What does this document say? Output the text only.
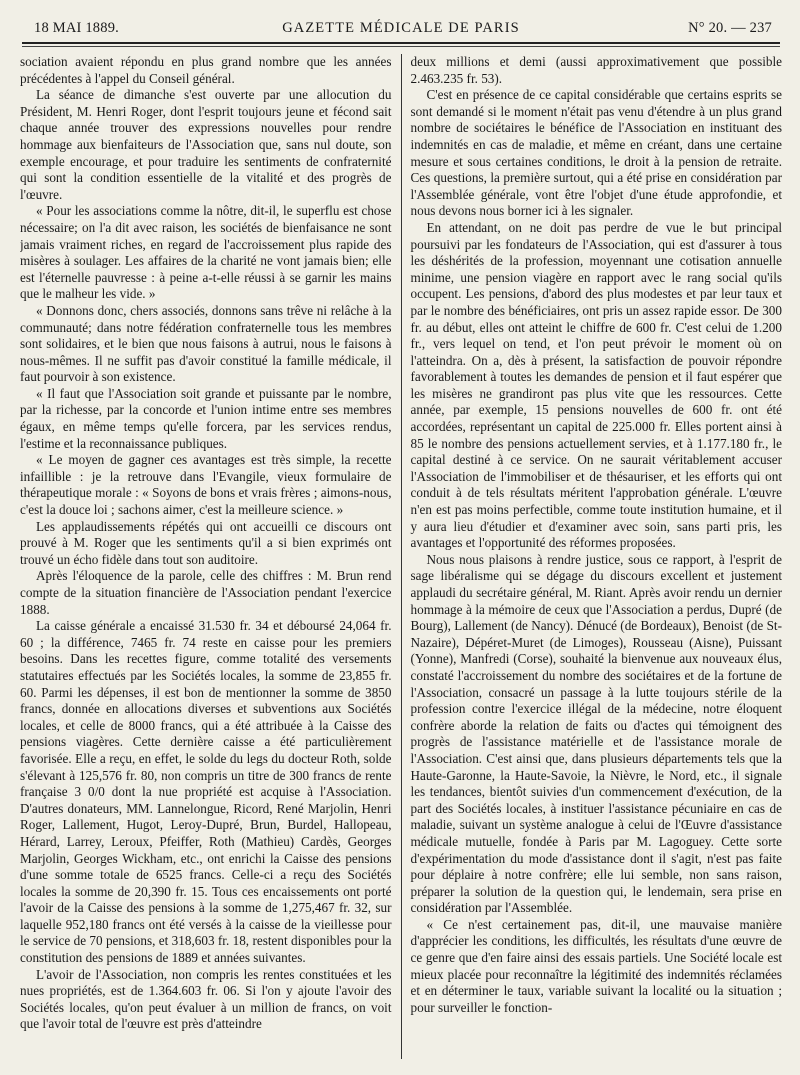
18 MAI 1889.	GAZETTE MÉDICALE DE PARIS	N° 20. — 237

sociation avaient répondu en plus grand nombre que les années précédentes à l'appel du Conseil général.

La séance de dimanche s'est ouverte par une allocution du Président, M. Henri Roger, dont l'esprit toujours jeune et fécond sait chaque année trouver des expressions nouvelles pour rendre hommage aux bienfaiteurs de l'Association que, sans nul doute, son exemple encourage, et pour traduire les sentiments de confraternité qui sont la condition essentielle de la vitalité et des progrès de l'œuvre.

« Pour les associations comme la nôtre, dit-il, le superflu est chose nécessaire; on l'a dit avec raison, les sociétés de bienfaisance ne sont jamais vraiment riches, en regard de l'accroissement plus rapide des misères à soulager. Les affaires de la charité ne vont jamais bien; elle est l'éternelle pauvresse : à peine a-t-elle réussi à se garnir les mains que le malheur les vide. »

« Donnons donc, chers associés, donnons sans trêve ni relâche à la communauté; dans notre fédération confraternelle tous les membres sont solidaires, et le bien que nous faisons à autrui, nous le faisons à nous-mêmes. Il ne suffit pas d'avoir constitué la famille médicale, il faut pourvoir à son existence.

« Il faut que l'Association soit grande et puissante par le nombre, par la richesse, par la concorde et l'union intime entre ses membres égaux, en même temps qu'elle forcera, par les services rendus, l'estime et la reconnaissance publiques.

« Le moyen de gagner ces avantages est très simple, la recette infaillible : je la retrouve dans l'Evangile, vieux formulaire de thérapeutique morale : « Soyons de bons et vrais frères ; aimons-nous, c'est la douce loi ; sachons aimer, c'est la meilleure science. »

Les applaudissements répétés qui ont accueilli ce discours ont prouvé à M. Roger que les sentiments qu'il a si bien exprimés ont trouvé un écho fidèle dans tout son auditoire.

Après l'éloquence de la parole, celle des chiffres : M. Brun rend compte de la situation financière de l'Association pendant l'exercice 1888.

La caisse générale a encaissé 31.530 fr. 34 et déboursé 24,064 fr. 60 ; la différence, 7465 fr. 74 reste en caisse pour les premiers besoins. Dans les recettes figure, comme totalité des versements statutaires effectués par les Sociétés locales, la somme de 23,855 fr. 60. Parmi les dépenses, il est bon de mentionner la somme de 3850 francs, donnée en allocations diverses et subventions aux Sociétés locales, et celle de 8000 francs, qui a été attribuée à la Caisse des pensions viagères. Cette dernière caisse a été particulièrement favorisée. Elle a reçu, en effet, le solde du legs du docteur Roth, solde s'élevant à 125,576 fr. 80, non compris un titre de 300 francs de rente française 3 0/0 dont la nue propriété est acquise à l'Association. D'autres donateurs, MM. Lannelongue, Ricord, René Marjolin, Henri Roger, Lallement, Hugot, Leroy-Dupré, Brun, Burdel, Hallopeau, Hérard, Larrey, Leroux, Pfeiffer, Roth (Mathieu) Cardès, Georges Marjolin, Georges Wickham, etc., ont enrichi la Caisse des pensions d'une somme totale de 6525 francs. Celle-ci a reçu des Sociétés locales la somme de 20,390 fr. 15. Tous ces encaissements ont porté l'avoir de la Caisse des pensions à la somme de 1,275,467 fr. 32, sur laquelle 952,180 francs ont été versés à la caisse de la vieillesse pour le service de 70 pensions, et 318,603 fr. 18, restent disponibles pour la constitution des pensions de 1889 et années suivantes.

L'avoir de l'Association, non compris les rentes constituées et les nues propriétés, est de 1.364.603 fr. 06. Si l'on y ajoute l'avoir des Sociétés locales, qu'on peut évaluer à un million de francs, on voit que l'avoir total de l'œuvre est près d'atteindre

deux millions et demi (aussi approximativement que possible 2.463.235 fr. 53).

C'est en présence de ce capital considérable que certains esprits se sont demandé si le moment n'était pas venu d'étendre à un plus grand nombre de sociétaires le bénéfice de l'Association en instituant des indemnités en cas de maladie, et même en créant, dans une certaine mesure et sous certaines conditions, le droit à la pension de retraite. Ces questions, la première surtout, qui a été prise en considération par l'Assemblée générale, vont être l'objet d'une étude approfondie, et nous devons nous borner ici à les signaler.

En attendant, on ne doit pas perdre de vue le but principal poursuivi par les fondateurs de l'Association, qui est d'assurer à tous les déshérités de la profession, moyennant une cotisation annuelle minime, une pension viagère en rapport avec le rang social qu'ils occupent. Les pensions, d'abord des plus modestes et par leur taux et par le nombre des bénéficiaires, ont pris un assez rapide essor. De 300 fr. au début, elles ont atteint le chiffre de 600 fr. C'est celui de 1.200 fr., vers lequel on tend, et l'on peut prévoir le moment où on l'atteindra. On a, dès à présent, la satisfaction de pouvoir répondre favorablement à toutes les demandes de pension et il faut espérer que les misères ne grandiront pas plus vite que les ressources. Cette année, par exemple, 15 pensions nouvelles de 600 fr. ont été accordées, représentant un capital de 225.000 fr. Elles portent ainsi à 85 le nombre des pensions actuellement servies, et à 1.177.180 fr., le capital destiné à ce service. On ne saurait véritablement accuser l'Association de l'immobiliser et de thésauriser, et les efforts qui ont conduit à de tels résultats méritent l'approbation générale. L'œuvre n'en est pas moins perfectible, comme toute institution humaine, et il y aura lieu d'étudier et d'examiner avec soin, sans parti pris, les avantages et l'opportunité des réformes proposées.

Nous nous plaisons à rendre justice, sous ce rapport, à l'esprit de sage libéralisme qui se dégage du discours excellent et justement applaudi du secrétaire général, M. Riant. Après avoir rendu un dernier hommage à la mémoire de ceux que l'Association a perdus, Dupré (de Bourg), Lallement (de Nancy). Dénucé (de Bordeaux), Benoist (de St-Nazaire), Dépéret-Muret (de Limoges), Rousseau (Aisne), Puissant (Yonne), Manfredi (Corse), souhaité la bienvenue aux nouveaux élus, constaté l'accroissement du nombre des sociétaires et de la fortune de l'Association, consacré un passage à la lutte toujours stérile de la profession contre l'exercice illégal de la médecine, notre éloquent confrère aborde la relation de faits ou d'actes qui témoignent des progrès de l'assistance matérielle et de l'assistance morale de l'Association. C'est ainsi que, dans plusieurs départements tels que la Haute-Garonne, la Haute-Savoie, la Nièvre, le Nord, etc., il signale les tendances, bientôt suivies d'un commencement d'exécution, de la part des Sociétés locales, à instituer l'assistance pécuniaire en cas de maladie, suivant un système analogue à celui de l'Œuvre d'assistance médicale mutuelle, fondée à Paris par M. Lagoguey. Cette sorte d'expérimentation du mode d'assistance dont il s'agit, n'est pas faite pour déplaire à notre confrère; elle lui semble, non sans raison, préparer la solution de la question qui, le lendemain, sera prise en considération par l'Assemblée.

« Ce n'est certainement pas, dit-il, une mauvaise manière d'apprécier les conditions, les difficultés, les résultats d'une œuvre de ce genre que d'en faire ainsi des essais partiels. Une Société locale est mieux placée pour reconnaître la légitimité des indemnités réclamées et en déterminer le taux, variable suivant la localité ou la situation ; pour surveiller le fonction-
